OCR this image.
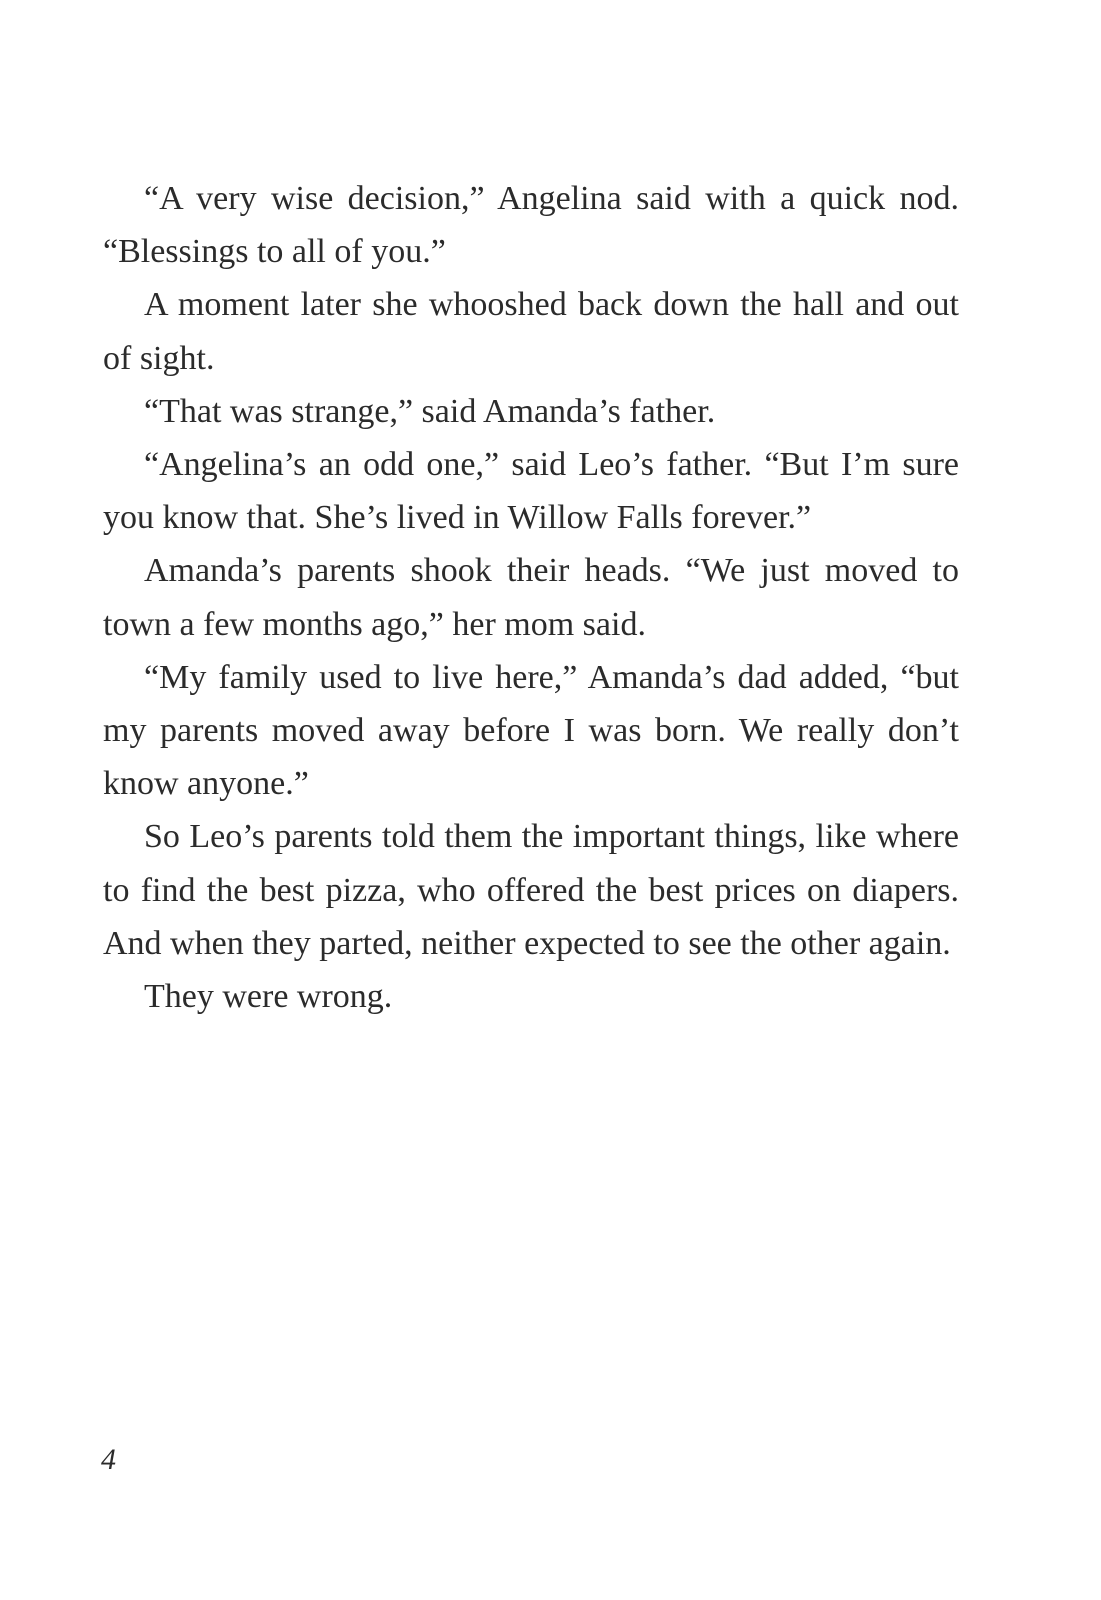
“A very wise decision,” Angelina said with a quick nod. “Blessings to all of you.”

A moment later she whooshed back down the hall and out of sight.

“That was strange,” said Amanda’s father.

“Angelina’s an odd one,” said Leo’s father. “But I’m sure you know that. She’s lived in Willow Falls forever.”

Amanda’s parents shook their heads. “We just moved to town a few months ago,” her mom said.

“My family used to live here,” Amanda’s dad added, “but my parents moved away before I was born. We really don’t know anyone.”

So Leo’s parents told them the important things, like where to find the best pizza, who offered the best prices on diapers. And when they parted, neither expected to see the other again.

They were wrong.

4
